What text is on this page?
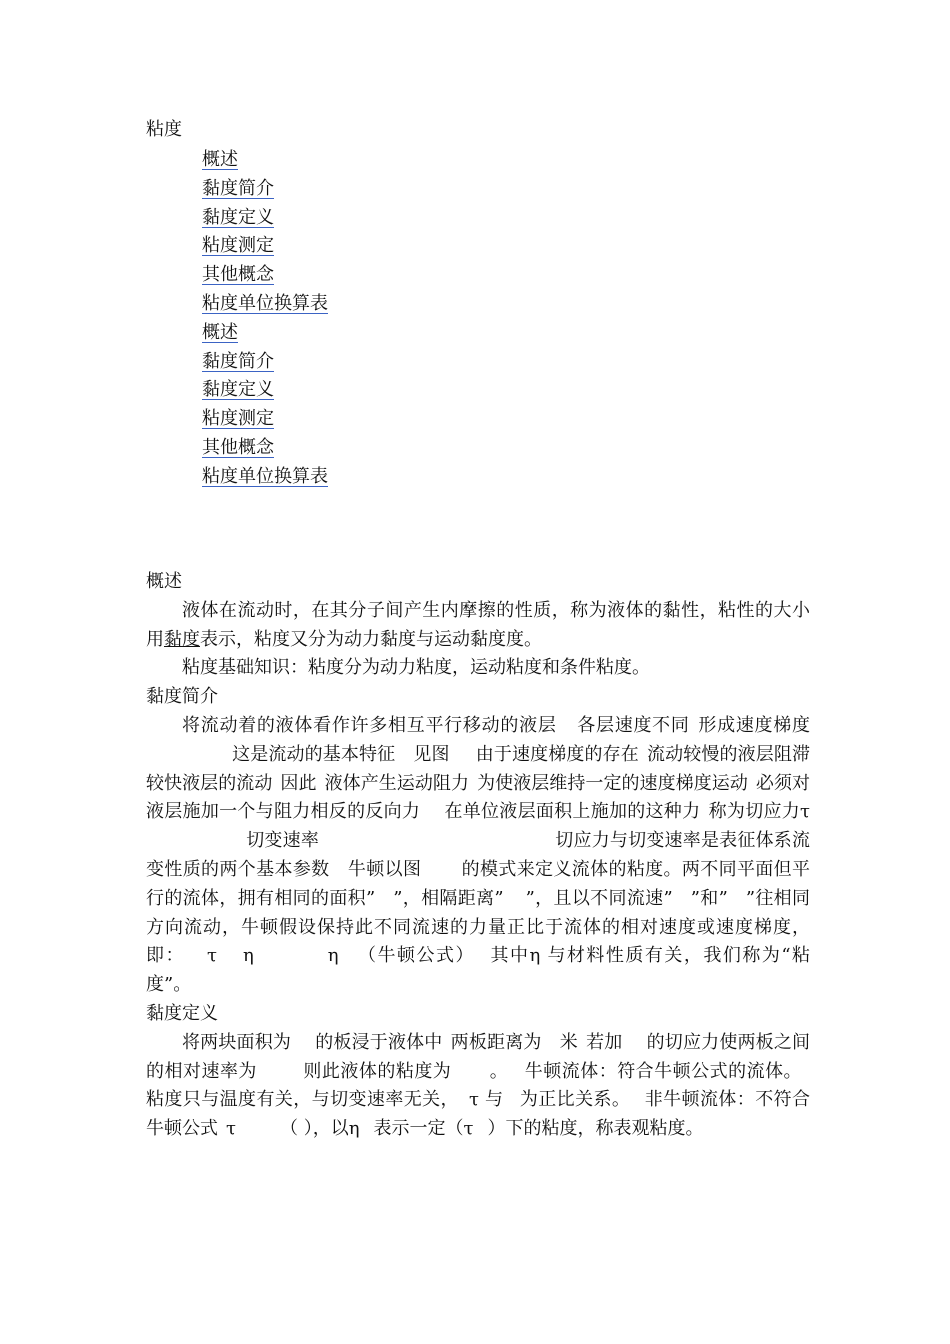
粘度
概述
黏度简介
黏度定义
粘度测定
其他概念
粘度单位换算表
概述
黏度简介
黏度定义
粘度测定
其他概念
粘度单位换算表
概述

液体在流动时，在其分子间产生内摩擦的性质，称为液体的黏性，粘性的大小用黏度表示，粘度又分为动力黏度与运动黏度度。

粘度基础知识：粘度分为动力粘度，运动粘度和条件粘度。

黏度简介

将流动着的液体看作许多相互平行移动的液层 各层速度不同 形成速度梯度这是流动的基本特征 见图 由于速度梯度的存在 流动较慢的液层阻滞较快液层的流动 因此 液体产生运动阻力 为使液层维持一定的速度梯度运动 必须对液层施加一个与阻力相反的反向力 在单位液层面积上施加的这种力 称为切应力τ切变速率	切应力与切变速率是表征体系流变性质的两个基本参数 牛顿以图 的模式来定义流体的粘度。两不同平面但平行的流体，拥有相同的面积” ”，相隔距离” ”，且以不同流速” ”和” ”往相同方向流动，牛顿假设保持此不同流速的力量正比于流体的相对速度或速度梯度，即： τ η	η （牛顿公式） 其中η 与材料性质有关，我们称为“粘度”。

黏度定义

将两块面积为 的板浸于液体中 两板距离为 米 若加 的切应力使两板之间的相对速率为	则此液体的粘度为 。 牛顿流体：符合牛顿公式的流体。粘度只与温度有关，与切变速率无关， τ 与 为正比关系。 非牛顿流体：不符合牛顿公式 τ （ ），以η 表示一定（τ ）下的粘度，称表观粘度。
